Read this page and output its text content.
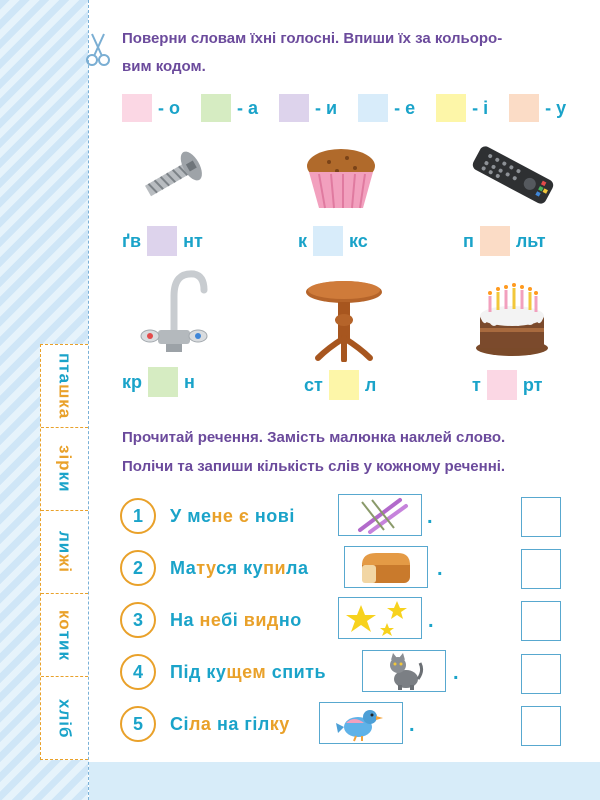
Поверни словам їхні голосні. Впиши їх за кольоро-
вим кодом.
- о	- а	- и	- е	- і	- у
ґв нт	к кс	п льт
кр н	ст л	т рт
Прочитай речення. Замість малюнка наклей слово.
Полічи та запиши кількість слів у кожному реченні.
пташка
зірки
лижі
котик
хліб
1	У мене є нові
2	Матуся купила
3	На небі видно
4	Під кущем спить
5	Сіла на гілку
.
.
.
.
.
